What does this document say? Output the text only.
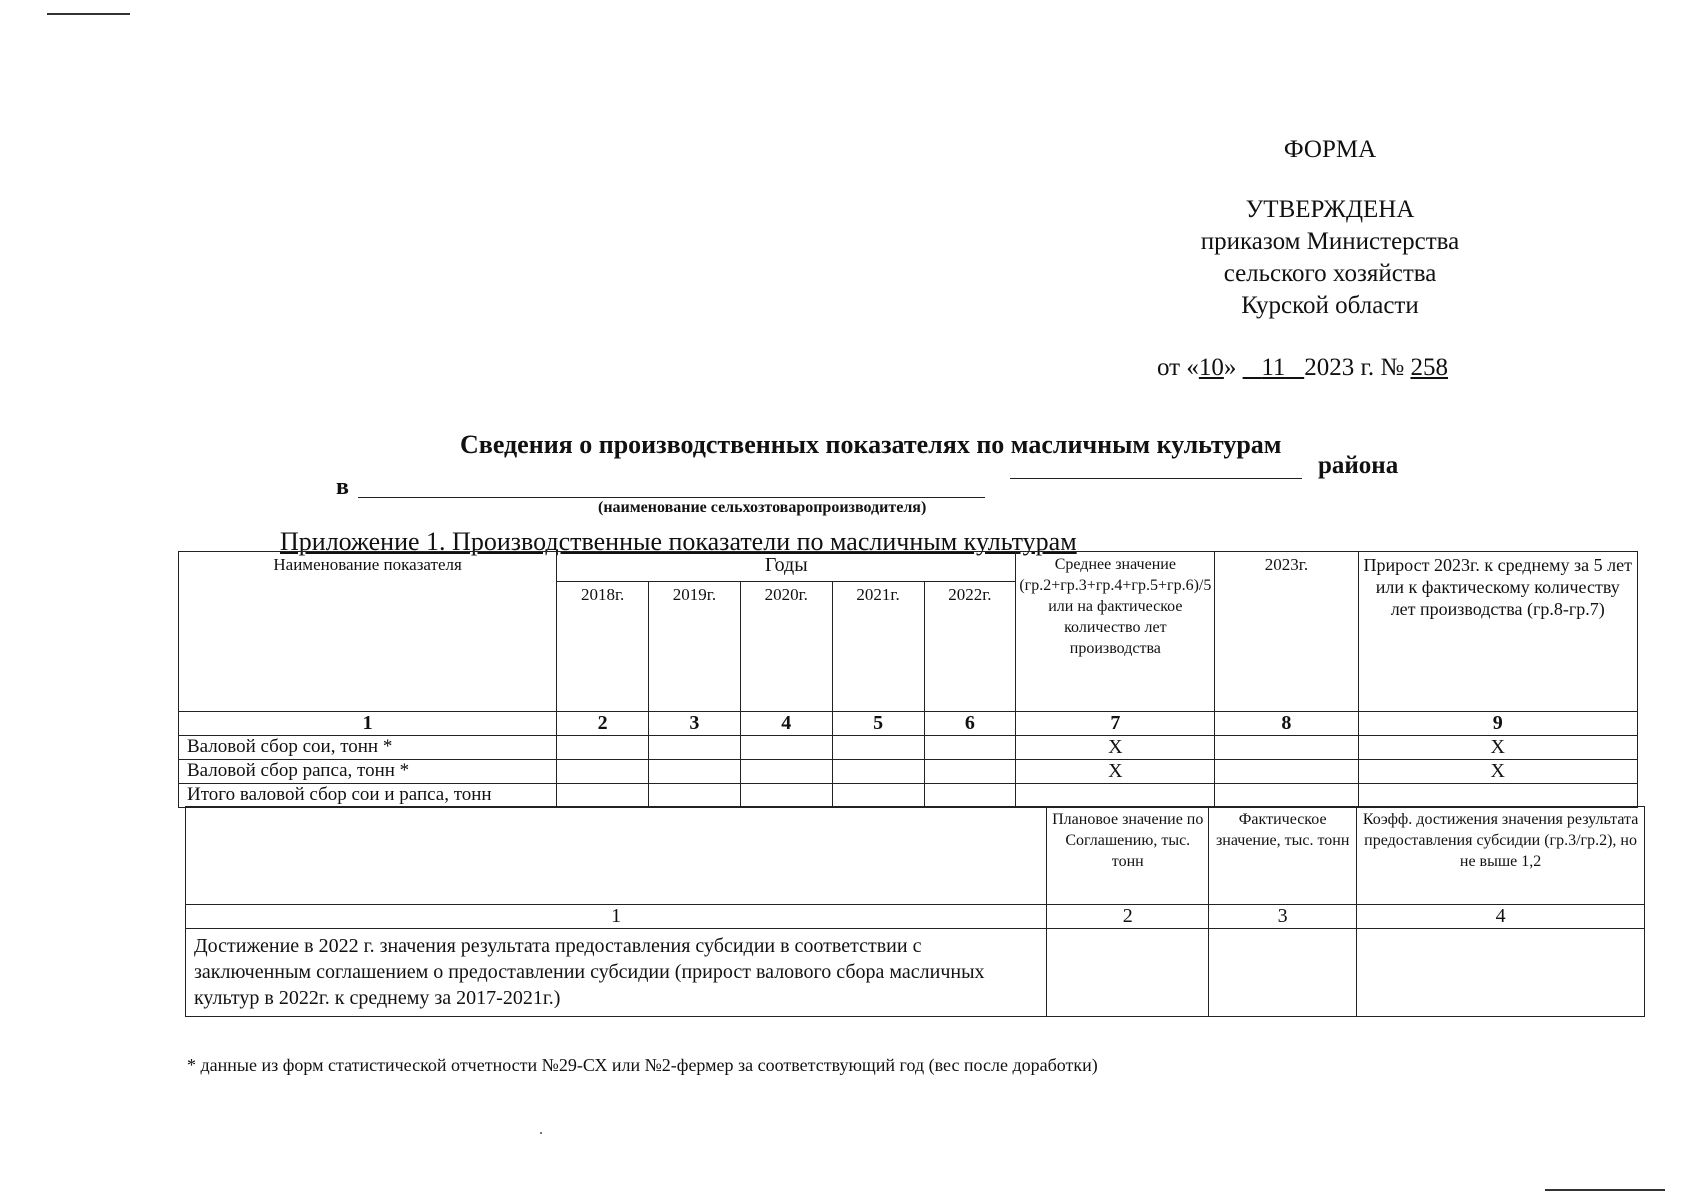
ФОРМА
УТВЕРЖДЕНА
приказом Министерства
сельского хозяйства
Курской области
от «10»    11 2023 г. № 258
Сведения о производственных показателях по масличным культурам
в
района
(наименование сельхозтоваропроизводителя)
Приложение 1. Производственные показатели по масличным культурам
Наименование показателя	Годы					Среднее значение (гр.2+гр.3+гр.4+гр.5+гр.6)/5 или на фактическое количество лет производства	2023г.	Прирост 2023г. к среднему за 5 лет или к фактическому количеству лет производства (гр.8-гр.7)
	2018г.	2019г.	2020г.	2021г.	2022г.			
1	2	3	4	5	6	7	8	9
Валовой сбор сои, тонн *						Х		Х
Валовой сбор рапса, тонн *						Х		Х
Итого валовой сбор сои и рапса, тонн								
	Плановое значение по Соглашению, тыс. тонн	Фактическое значение, тыс. тонн	Коэфф. достижения значения результата предоставления субсидии (гр.3/гр.2), но не выше 1,2
1	2	3	4
Достижение в 2022 г. значения результата предоставления субсидии в соответствии с заключенным соглашением о предоставлении субсидии (прирост валового сбора масличных культур в 2022г. к среднему за 2017-2021г.)			
* данные из форм статистической отчетности №29-СХ или №2-фермер за соответствующий год (вес после доработки)
